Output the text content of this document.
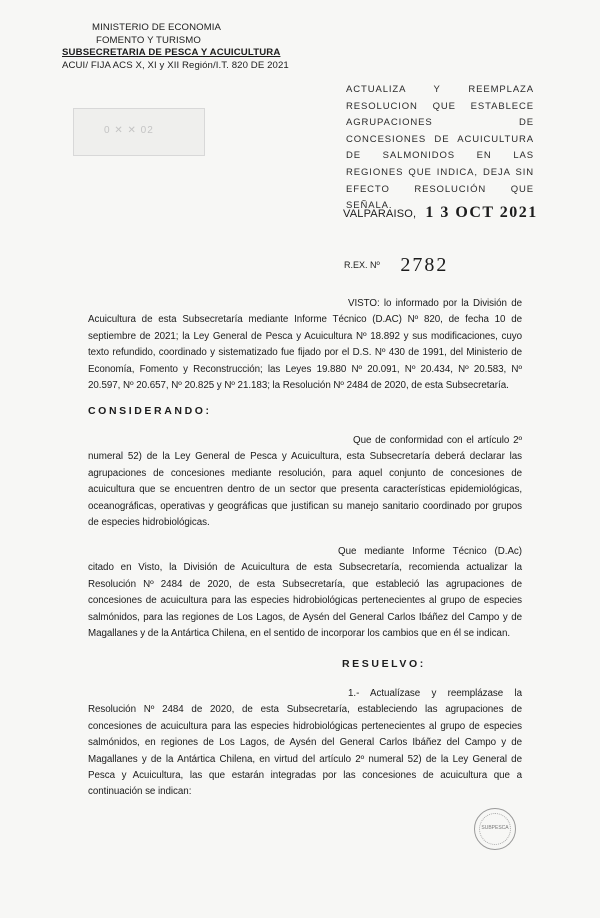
MINISTERIO DE ECONOMIA
FOMENTO Y TURISMO
SUBSECRETARIA DE PESCA Y ACUICULTURA
ACUI/ FIJA ACS X, XI y XII Región/I.T. 820 DE 2021
0 ✕ ✕ 02
ACTUALIZA Y REEMPLAZA RESOLUCION QUE ESTABLECE AGRUPACIONES DE CONCESIONES DE ACUICULTURA DE SALMONIDOS EN LAS REGIONES QUE INDICA, DEJA SIN EFECTO RESOLUCIÓN QUE SEÑALA.
VALPARAISO, 1 3 OCT 2021
R.EX. Nº 2782
VISTO: lo informado por la División de Acuicultura de esta Subsecretaría mediante Informe Técnico (D.AC) Nº 820, de fecha 10 de septiembre de 2021; la Ley General de Pesca y Acuicultura Nº 18.892 y sus modificaciones, cuyo texto refundido, coordinado y sistematizado fue fijado por el D.S. Nº 430 de 1991, del Ministerio de Economía, Fomento y Reconstrucción; las Leyes 19.880 Nº 20.091, Nº 20.434, Nº 20.583, Nº 20.597, Nº 20.657, Nº 20.825 y Nº 21.183; la Resolución Nº 2484 de 2020, de esta Subsecretaría.
CONSIDERANDO:
Que de conformidad con el artículo 2º numeral 52) de la Ley General de Pesca y Acuicultura, esta Subsecretaría deberá declarar las agrupaciones de concesiones mediante resolución, para aquel conjunto de concesiones de acuicultura que se encuentren dentro de un sector que presenta características epidemiológicas, oceanográficas, operativas y geográficas que justifican su manejo sanitario coordinado por grupos de especies hidrobiológicas.
Que mediante Informe Técnico (D.Ac) citado en Visto, la División de Acuicultura de esta Subsecretaría, recomienda actualizar la Resolución Nº 2484 de 2020, de esta Subsecretaría, que estableció las agrupaciones de concesiones de acuicultura para las especies hidrobiológicas pertenecientes al grupo de especies salmónidos, para las regiones de Los Lagos, de Aysén del General Carlos Ibáñez del Campo y de Magallanes y de la Antártica Chilena, en el sentido de incorporar los cambios que en él se indican.
RESUELVO:
1.- Actualízase y reemplázase la Resolución Nº 2484 de 2020, de esta Subsecretaría, estableciendo las agrupaciones de concesiones de acuicultura para las especies hidrobiológicas pertenecientes al grupo de especies salmónidos, en regiones de Los Lagos, de Aysén del General Carlos Ibáñez del Campo y de Magallanes y de la Antártica Chilena, en virtud del artículo 2º numeral 52) de la Ley General de Pesca y Acuicultura, las que estarán integradas por las concesiones de acuicultura que a continuación se indican:
SUBPESCA
